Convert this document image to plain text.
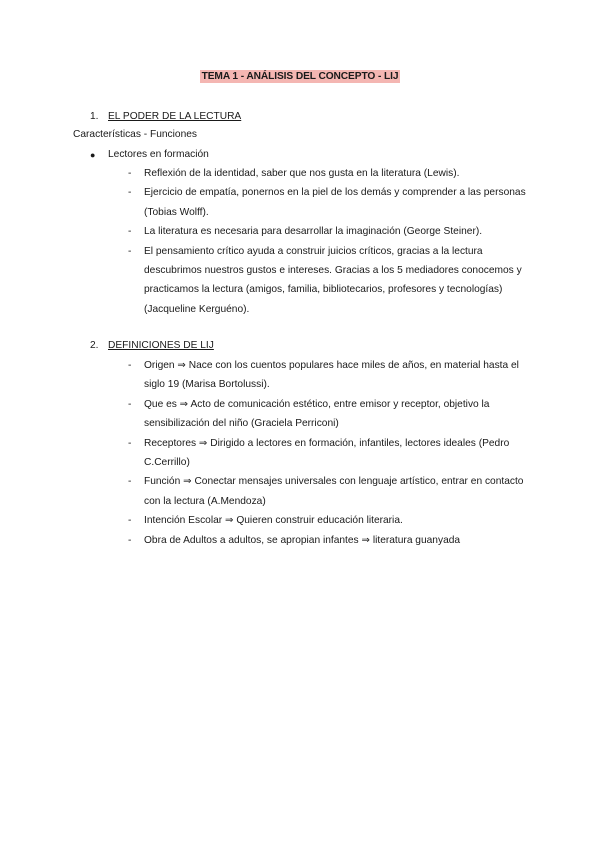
TEMA 1 - ANÁLISIS DEL CONCEPTO - LIJ
1. EL PODER DE LA LECTURA
Características - Funciones
●	Lectores en formación
- Reflexión de la identidad, saber que nos gusta en la literatura (Lewis).
- Ejercicio de empatía, ponernos en la piel de los demás y comprender a las personas (Tobias Wolff).
- La literatura es necesaria para desarrollar la imaginación (George Steiner).
- El pensamiento crítico ayuda a construir juicios críticos, gracias a la lectura descubrimos nuestros gustos e intereses. Gracias a los 5 mediadores conocemos y practicamos la lectura (amigos, familia, bibliotecarios, profesores y tecnologías) (Jacqueline Kerguéno).
2. DEFINICIONES DE LIJ
- Origen ⇒ Nace con los cuentos populares hace miles de años, en material hasta el siglo 19 (Marisa Bortolussi).
- Que es ⇒ Acto de comunicación estético, entre emisor y receptor, objetivo la sensibilización del niño (Graciela Perriconi)
- Receptores ⇒ Dirigido a lectores en formación, infantiles, lectores ideales (Pedro C.Cerrillo)
- Función ⇒ Conectar mensajes universales con lenguaje artístico, entrar en contacto con la lectura (A.Mendoza)
- Intención Escolar ⇒ Quieren construir educación literaria.
- Obra de Adultos a adultos, se apropian infantes ⇒ literatura guanyada
